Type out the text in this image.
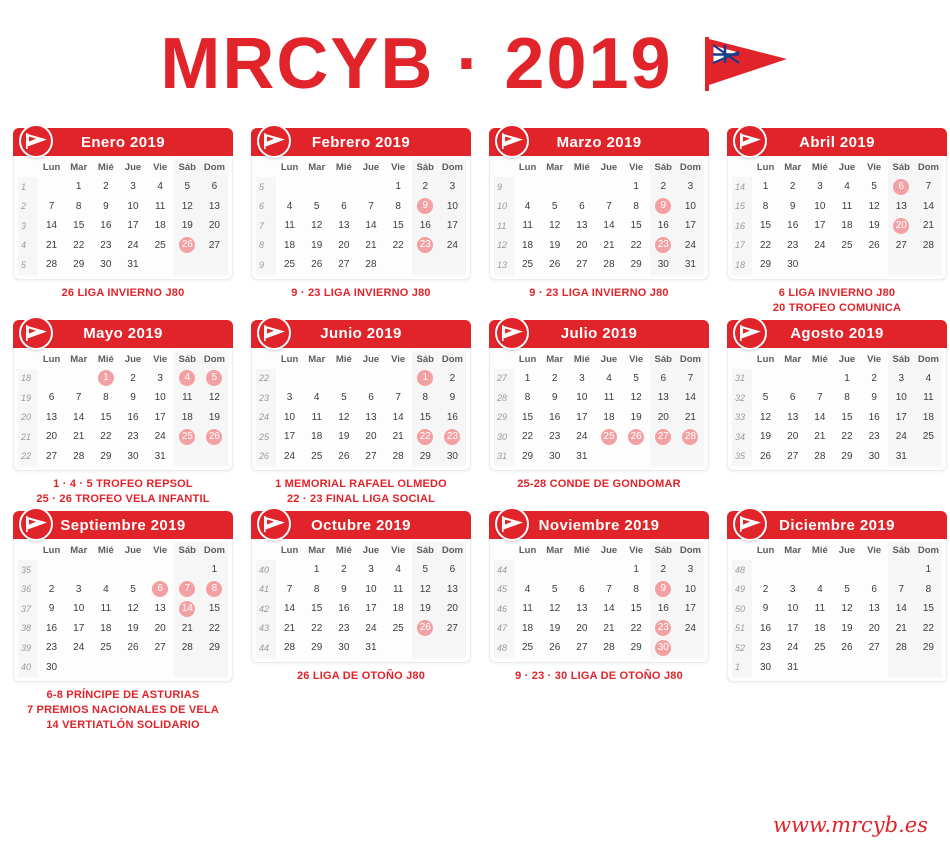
MRCYB · 2019
Enero 2019
	Lun	Mar	Mié	Jue	Vie	Sáb	Dom
1		1	2	3	4	5	6
2	7	8	9	10	11	12	13
3	14	15	16	17	18	19	20
4	21	22	23	24	25	26	27
5	28	29	30	31			
26 LIGA INVIERNO J80
Febrero 2019
	Lun	Mar	Mié	Jue	Vie	Sáb	Dom
5					1	2	3
6	4	5	6	7	8	9	10
7	11	12	13	14	15	16	17
8	18	19	20	21	22	23	24
9	25	26	27	28			
9 · 23 LIGA INVIERNO J80
Marzo 2019
	Lun	Mar	Mié	Jue	Vie	Sáb	Dom
9					1	2	3
10	4	5	6	7	8	9	10
11	11	12	13	14	15	16	17
12	18	19	20	21	22	23	24
13	25	26	27	28	29	30	31
9 · 23 LIGA INVIERNO J80
Abril 2019
	Lun	Mar	Mié	Jue	Vie	Sáb	Dom
14	1	2	3	4	5	6	7
15	8	9	10	11	12	13	14
16	15	16	17	18	19	20	21
17	22	23	24	25	26	27	28
18	29	30					
6 LIGA INVIERNO J80
20 TROFEO COMUNICA
Mayo 2019
	Lun	Mar	Mié	Jue	Vie	Sáb	Dom
18			1	2	3	4	5
19	6	7	8	9	10	11	12
20	13	14	15	16	17	18	19
21	20	21	22	23	24	25	26
22	27	28	29	30	31		
1 · 4 · 5 TROFEO REPSOL
25 · 26 TROFEO VELA INFANTIL
Junio 2019
	Lun	Mar	Mié	Jue	Vie	Sáb	Dom
22						1	2
23	3	4	5	6	7	8	9
24	10	11	12	13	14	15	16
25	17	18	19	20	21	22	23
26	24	25	26	27	28	29	30
1 MEMORIAL RAFAEL OLMEDO
22 · 23 FINAL LIGA SOCIAL
Julio 2019
	Lun	Mar	Mié	Jue	Vie	Sáb	Dom
27	1	2	3	4	5	6	7
28	8	9	10	11	12	13	14
29	15	16	17	18	19	20	21
30	22	23	24	25	26	27	28
31	29	30	31				
25-28 CONDE DE GONDOMAR
Agosto 2019
	Lun	Mar	Mié	Jue	Vie	Sáb	Dom
31				1	2	3	4
32	5	6	7	8	9	10	11
33	12	13	14	15	16	17	18
34	19	20	21	22	23	24	25
35	26	27	28	29	30	31	
Septiembre 2019
	Lun	Mar	Mié	Jue	Vie	Sáb	Dom
35							1
36	2	3	4	5	6	7	8
37	9	10	11	12	13	14	15
38	16	17	18	19	20	21	22
39	23	24	25	26	27	28	29
40	30						
6-8 PRÍNCIPE DE ASTURIAS
7 PREMIOS NACIONALES DE VELA
14 VERTIATLÓN SOLIDARIO
Octubre 2019
	Lun	Mar	Mié	Jue	Vie	Sáb	Dom
40		1	2	3	4	5	6
41	7	8	9	10	11	12	13
42	14	15	16	17	18	19	20
43	21	22	23	24	25	26	27
44	28	29	30	31			
26 LIGA DE OTOÑO J80
Noviembre 2019
	Lun	Mar	Mié	Jue	Vie	Sáb	Dom
44					1	2	3
45	4	5	6	7	8	9	10
46	11	12	13	14	15	16	17
47	18	19	20	21	22	23	24
48	25	26	27	28	29	30	
9 · 23 · 30 LIGA DE OTOÑO J80
Diciembre 2019
	Lun	Mar	Mié	Jue	Vie	Sáb	Dom
48							1
49	2	3	4	5	6	7	8
50	9	10	11	12	13	14	15
51	16	17	18	19	20	21	22
52	23	24	25	26	27	28	29
1	30	31					
www.mrcyb.es
